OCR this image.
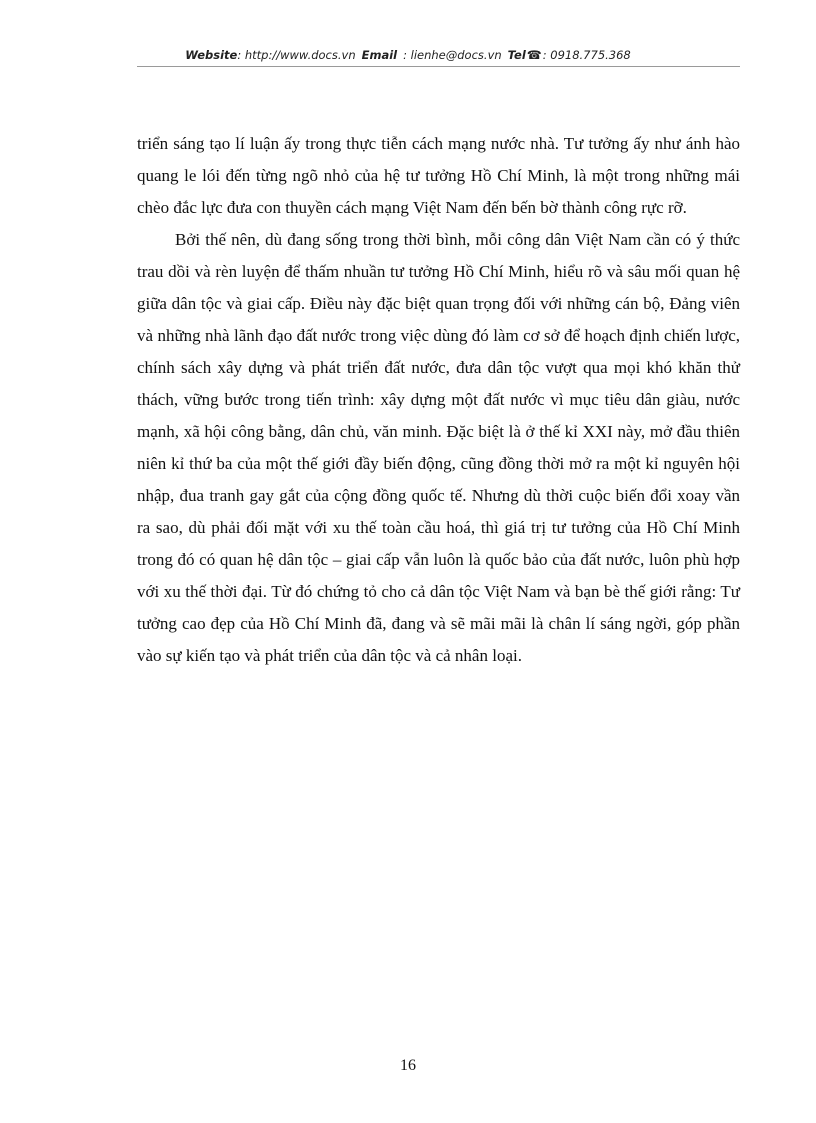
Website: http://www.docs.vn Email : lienhe@docs.vn Tel☎: 0918.775.368

triển sáng tạo lí luận ấy trong thực tiễn cách mạng nước nhà. Tư tưởng ấy như ánh hào quang le lói đến từng ngõ nhỏ của hệ tư tưởng Hồ Chí Minh, là một trong những mái chèo đắc lực đưa con thuyền cách mạng Việt Nam đến bến bờ thành công rực rỡ.

Bởi thế nên, dù đang sống trong thời bình, mỗi công dân Việt Nam cần có ý thức trau dồi và rèn luyện để thấm nhuần tư tưởng Hồ Chí Minh, hiểu rõ và sâu mối quan hệ giữa dân tộc và giai cấp. Điều này đặc biệt quan trọng đối với những cán bộ, Đảng viên và những nhà lãnh đạo đất nước trong việc dùng đó làm cơ sở để hoạch định chiến lược, chính sách xây dựng và phát triển đất nước, đưa dân tộc vượt qua mọi khó khăn thử thách, vững bước trong tiến trình: xây dựng một đất nước vì mục tiêu dân giàu, nước mạnh, xã hội công bằng, dân chủ, văn minh. Đặc biệt là ở thế kỉ XXI này, mở đầu thiên niên kỉ thứ ba của một thế giới đầy biến động, cũng đồng thời mở ra một kỉ nguyên hội nhập, đua tranh gay gắt của cộng đồng quốc tế. Nhưng dù thời cuộc biến đổi xoay vần ra sao, dù phải đối mặt với xu thế toàn cầu hoá, thì giá trị tư tưởng của Hồ Chí Minh trong đó có quan hệ dân tộc – giai cấp vẫn luôn là quốc bảo của đất nước, luôn phù hợp với xu thế thời đại. Từ đó chứng tỏ cho cả dân tộc Việt Nam và bạn bè thế giới rằng: Tư tưởng cao đẹp của Hồ Chí Minh đã, đang và sẽ mãi mãi là chân lí sáng ngời, góp phần vào sự kiến tạo và phát triển của dân tộc và cả nhân loại.

16
